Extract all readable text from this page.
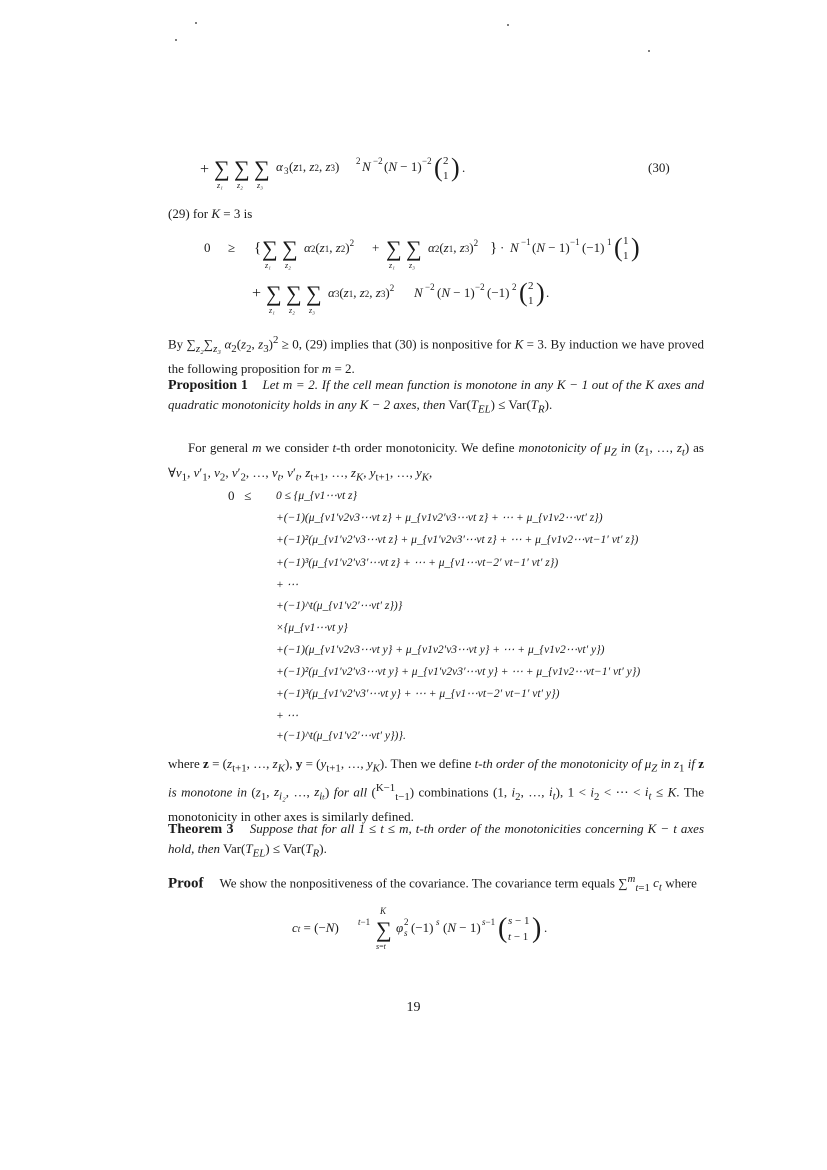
+ ∑
z₁
∑
z₂
∑
z₃
α 3 (z1, z2, z3) 2 N −2 (N − 1) −2 ( 2
1 ) .	(30)
(29) for K = 3 is
0 ≥ { ∑
z₁
∑
z₂
α2(z1, z2)$^2$ + ∑
z₁
∑
z₃
α2(z1, z3)$^2$ } · N −1 (N − 1) −1 (−1) 1 ( 1
1 )
+ ∑
z₁
∑
z₂
∑
z₃
α3(z1, z2, z3)$^2$ N −2 (N − 1) −2 (−1) 2 ( 2
1 ) .
By $\sum_{z_2}\sum_{z_3}$ $\alpha_2(z_2$, $z_3)^2 \ge 0$, (29) implies that (30) is nonpositive for K = 3. By induction we have proved the following proposition for m = 2.
Proposition 1 Let m = 2. If the cell mean function is monotone in any K − 1 out of the K axes and quadratic monotonicity holds in any K − 2 axes, then $Var(T_{EL}) \le Var(T_R)$.
For general m we consider t-th order monotonicity. We define monotonicity of $\mu_Z$ in ($z_1$, …, $z_t$) as $\forall v_1$, $v'_1$, $v_2$, $v'_2$, …, $v_t$, $v'_t$, $z_{t+1}$, …, $z_K$, $y_{t+1}$, …, $y_K$,
0   ≤ 0 ≤ {μ_{v1⋯vt z}
+(−1)(μ_{v1′v2v3⋯vt z} + μ_{v1v2′v3⋯vt z} + ⋯ + μ_{v1v2⋯vt′ z})
+(−1)²(μ_{v1′v2′v3⋯vt z} + μ_{v1′v2v3′⋯vt z} + ⋯ + μ_{v1v2⋯vt−1′ vt′ z})
+(−1)³(μ_{v1′v2′v3′⋯vt z} + ⋯ + μ_{v1⋯vt−2′ vt−1′ vt′ z})
+ ⋯
+(−1)^t(μ_{v1′v2′⋯vt′ z})}
×{μ_{v1⋯vt y}
+(−1)(μ_{v1′v2v3⋯vt y} + μ_{v1v2′v3⋯vt y} + ⋯ + μ_{v1v2⋯vt′ y})
+(−1)²(μ_{v1′v2′v3⋯vt y} + μ_{v1′v2v3′⋯vt y} + ⋯ + μ_{v1v2⋯vt−1′ vt′ y})
+(−1)³(μ_{v1′v2′v3′⋯vt y} + ⋯ + μ_{v1⋯vt−2′ vt−1′ vt′ y})
+ ⋯
+(−1)^t(μ_{v1′v2′⋯vt′ y})}.
where $z = (z_{t+1}$, …, $z_K$), $y = (y_{t+1}$, …, $y_K$). Then we define t-th order of the monotonicity of $\mu_Z$ in $z_1$ if z is monotone in ($z_1$, $z_{i_2}$, …, $z_{i_t}$) for all ($^{K-1}_{t-1}$) combinations (1, $i_2$, …, $i_t$), $1 < i_2$ < ⋯ < $i_t \le K$. The monotonicity in other axes is similarly defined.
Theorem 3 Suppose that for all 1 ≤ t ≤ m, t-th order of the monotonicities concerning K − t axes hold, then $Var(T_{EL}) \le Var(T_R)$.
Proof     We show the nonpositiveness of the covariance. The covariance term equals ∑$^m_{t=1}$ $c_t$ where
ct = (−N) t−1 ∑
K
s=t
φ 2
s (−1) s (N − 1) s−1 ( s − 1
t − 1 ) .
19
